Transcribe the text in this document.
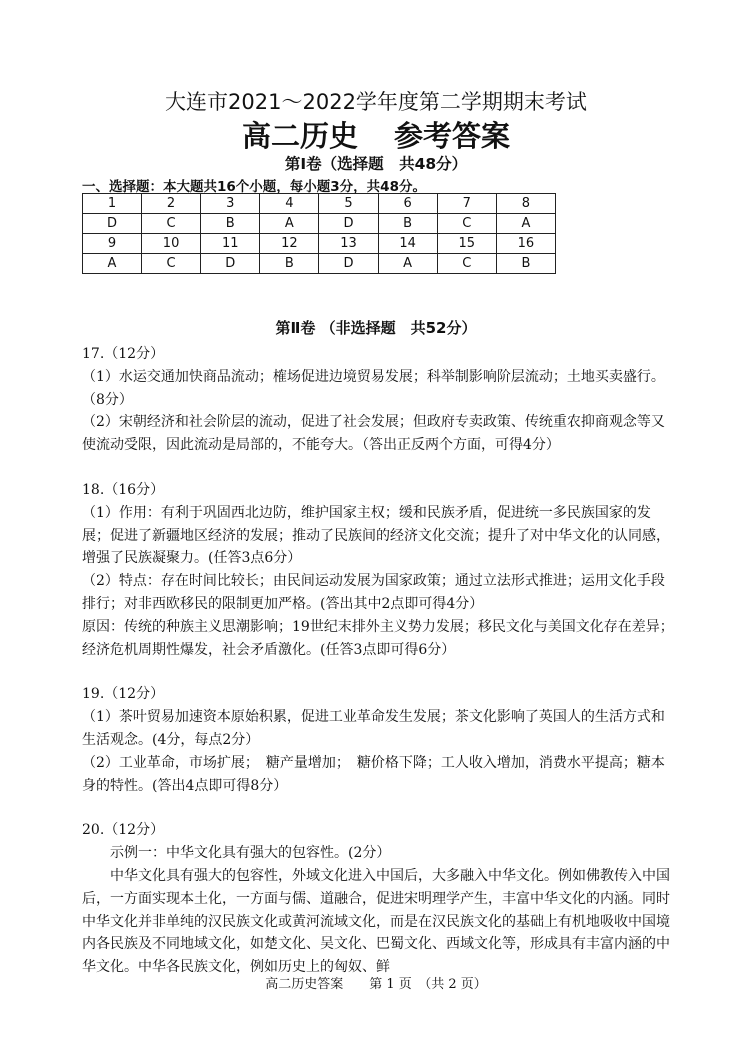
大连市2021～2022学年度第二学期期末考试
高二历史 参考答案
第Ⅰ卷（选择题　共48分）
一、选择题：本大题共16个小题，每小题3分，共48分。
1	2	3	4	5	6	7	8
D	C	B	A	D	B	C	A
9	10	11	12	13	14	15	16
A	C	D	B	D	A	C	B
第Ⅱ卷 （非选择题　共52分）

17.（12分）

（1）水运交通加快商品流动；榷场促进边境贸易发展；科举制影响阶层流动；土地买卖盛行。（8分）

（2）宋朝经济和社会阶层的流动，促进了社会发展；但政府专卖政策、传统重农抑商观念等又使流动受限，因此流动是局部的，不能夸大。（答出正反两个方面，可得4分）

18.（16分）

（1）作用：有利于巩固西北边防，维护国家主权；缓和民族矛盾，促进统一多民族国家的发展；促进了新疆地区经济的发展；推动了民族间的经济文化交流；提升了对中华文化的认同感，增强了民族凝聚力。(任答3点6分）

（2）特点：存在时间比较长；由民间运动发展为国家政策；通过立法形式推进；运用文化手段排行；对非西欧移民的限制更加严格。(答出其中2点即可得4分）

原因：传统的种族主义思潮影响；19世纪末排外主义势力发展；移民文化与美国文化存在差异；经济危机周期性爆发，社会矛盾激化。(任答3点即可得6分）

19.（12分）

（1）茶叶贸易加速资本原始积累，促进工业革命发生发展；茶文化影响了英国人的生活方式和生活观念。(4分，每点2分）

（2）工业革命，市场扩展；　糖产量增加；　糖价格下降；工人收入增加，消费水平提高；糖本身的特性。(答出4点即可得8分）

20.（12分）

示例一：中华文化具有强大的包容性。(2分）

中华文化具有强大的包容性，外域文化进入中国后，大多融入中华文化。例如佛教传入中国后，一方面实现本土化，一方面与儒、道融合，促进宋明理学产生，丰富中华文化的内涵。同时中华文化并非单纯的汉民族文化或黄河流域文化，而是在汉民族文化的基础上有机地吸收中国境内各民族及不同地域文化，如楚文化、吴文化、巴蜀文化、西域文化等，形成具有丰富内涵的中华文化。中华各民族文化，例如历史上的匈奴、鲜

高二历史答案　　第 1 页　（共 2 页）
